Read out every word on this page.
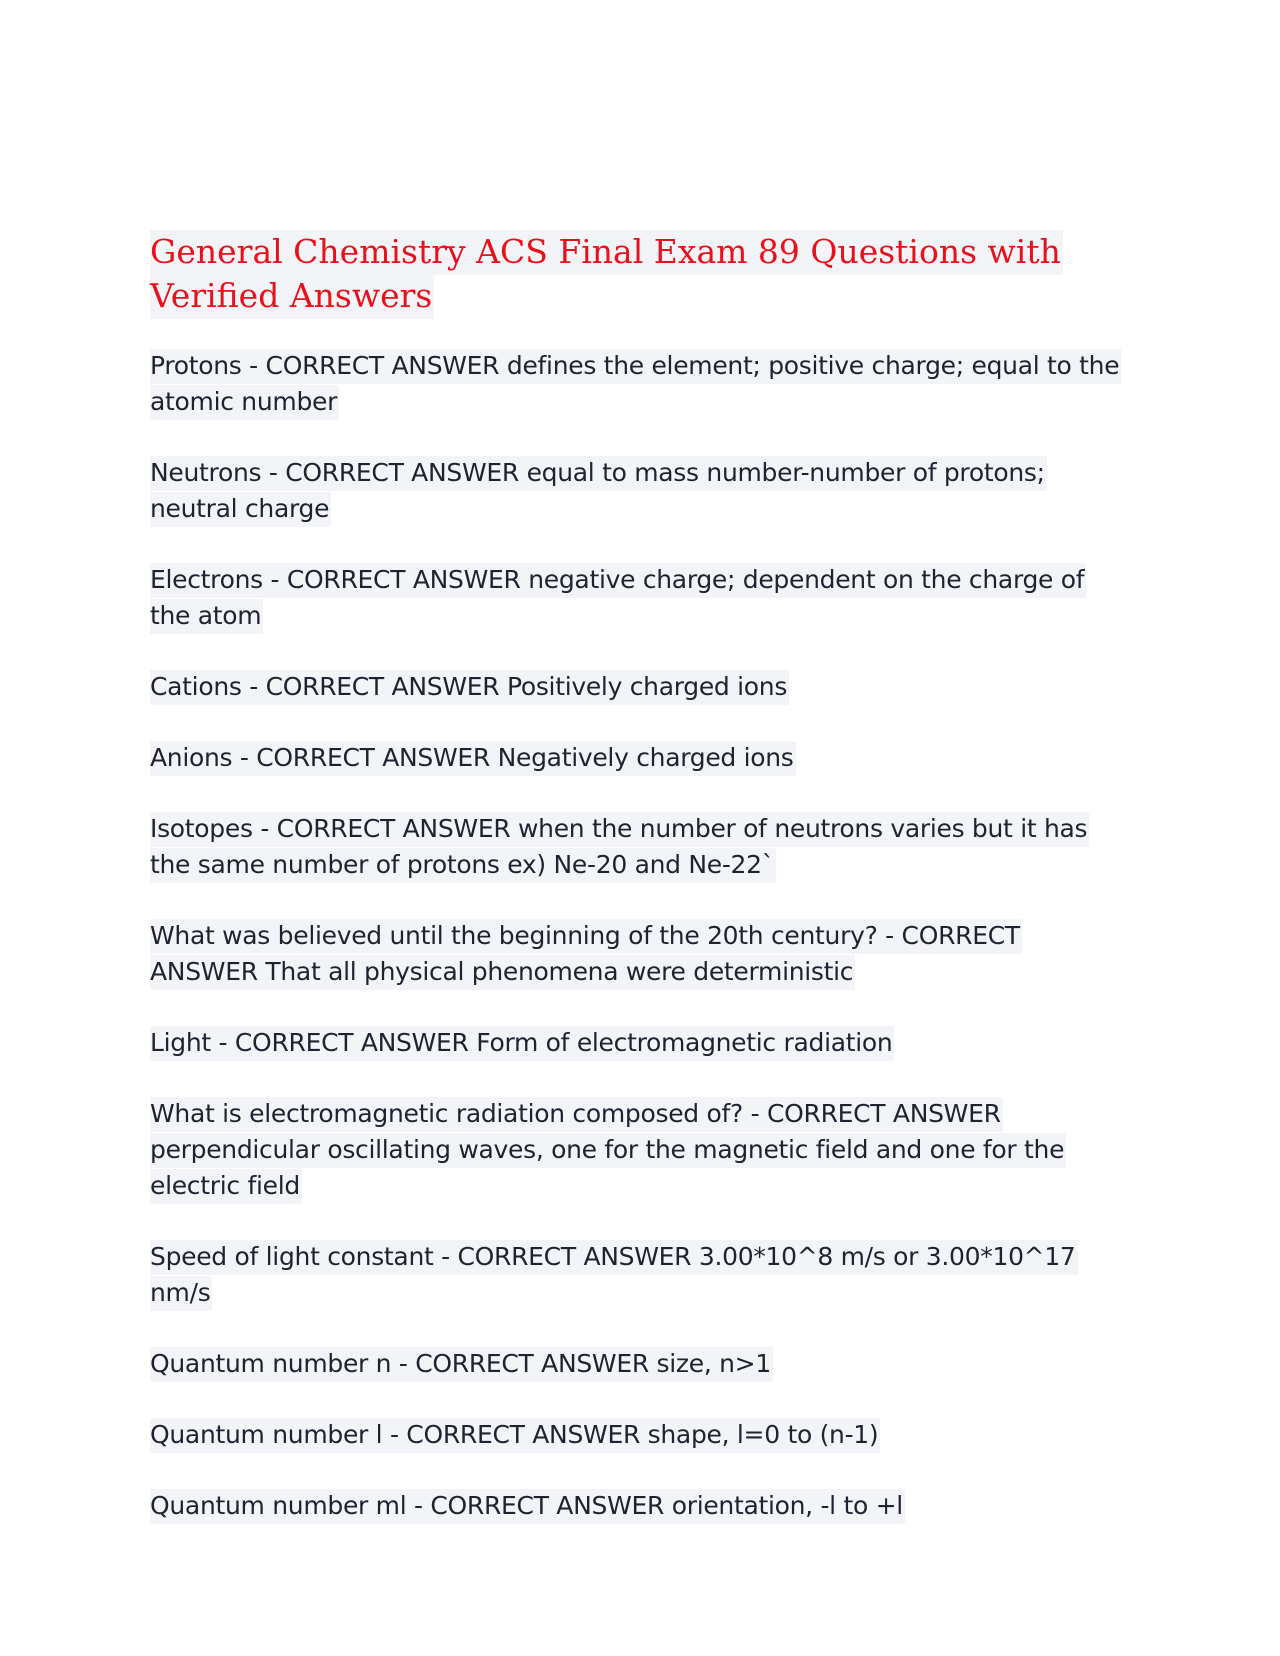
General Chemistry ACS Final Exam 89 Questions with Verified Answers

Protons - CORRECT ANSWER defines the element; positive charge; equal to the atomic number

Neutrons - CORRECT ANSWER equal to mass number-number of protons; neutral charge

Electrons - CORRECT ANSWER negative charge; dependent on the charge of the atom

Cations - CORRECT ANSWER Positively charged ions

Anions - CORRECT ANSWER Negatively charged ions

Isotopes - CORRECT ANSWER when the number of neutrons varies but it has the same number of protons ex) Ne-20 and Ne-22`

What was believed until the beginning of the 20th century? - CORRECT ANSWER That all physical phenomena were deterministic

Light - CORRECT ANSWER Form of electromagnetic radiation

What is electromagnetic radiation composed of? - CORRECT ANSWER perpendicular oscillating waves, one for the magnetic field and one for the electric field

Speed of light constant - CORRECT ANSWER 3.00*10^8 m/s or 3.00*10^17 nm/s

Quantum number n - CORRECT ANSWER size, n>1

Quantum number l - CORRECT ANSWER shape, l=0 to (n-1)

Quantum number ml - CORRECT ANSWER orientation, -l to +l
